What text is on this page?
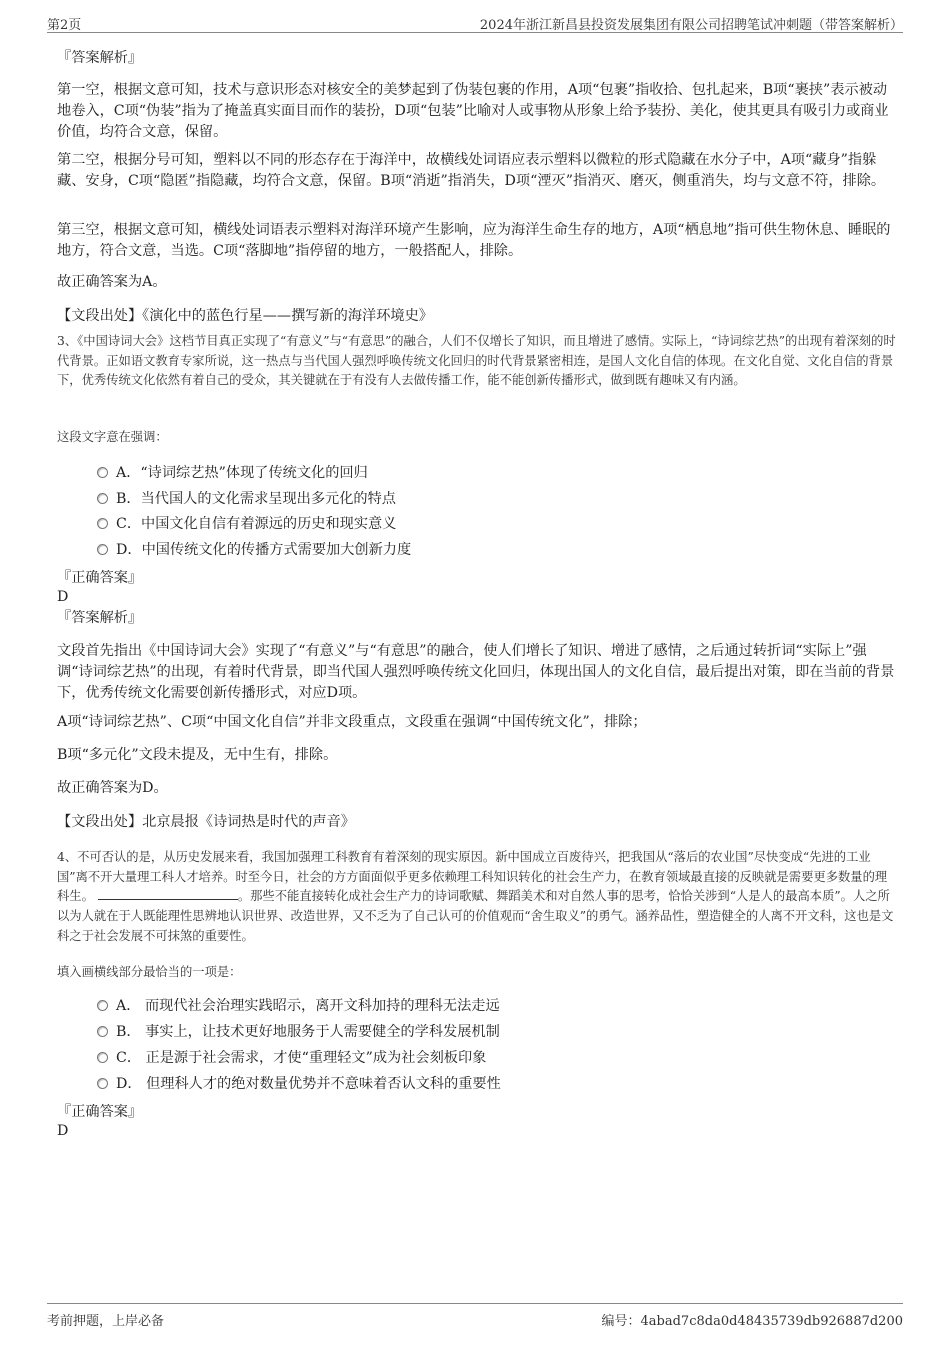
第2页	2024年浙江新昌县投资发展集团有限公司招聘笔试冲刺题（带答案解析）

『答案解析』

第一空，根据文意可知，技术与意识形态对核安全的美梦起到了伪装包裹的作用，A项“包裹”指收拾、包扎起来，B项“裹挟”表示被动地卷入，C项“伪装”指为了掩盖真实面目而作的装扮，D项“包装”比喻对人或事物从形象上给予装扮、美化，使其更具有吸引力或商业价值，均符合文意，保留。

第二空，根据分号可知，塑料以不同的形态存在于海洋中，故横线处词语应表示塑料以微粒的形式隐藏在水分子中，A项“藏身”指躲藏、安身，C项“隐匿”指隐藏，均符合文意，保留。B项“消逝”指消失，D项“湮灭”指消灭、磨灭，侧重消失，均与文意不符，排除。

第三空，根据文意可知，横线处词语表示塑料对海洋环境产生影响，应为海洋生命生存的地方，A项“栖息地”指可供生物休息、睡眠的地方，符合文意，当选。C项“落脚地”指停留的地方，一般搭配人，排除。

故正确答案为A。

【文段出处】《演化中的蓝色行星——撰写新的海洋环境史》

3、《中国诗词大会》这档节目真正实现了“有意义”与“有意思”的融合，人们不仅增长了知识，而且增进了感情。实际上，“诗词综艺热”的出现有着深刻的时代背景。正如语文教育专家所说，这一热点与当代国人强烈呼唤传统文化回归的时代背景紧密相连，是国人文化自信的体现。在文化自觉、文化自信的背景下，优秀传统文化依然有着自己的受众，其关键就在于有没有人去做传播工作，能不能创新传播形式，做到既有趣味又有内涵。

这段文字意在强调：

A．“诗词综艺热”体现了传统文化的回归
B．当代国人的文化需求呈现出多元化的特点
C．中国文化自信有着源远的历史和现实意义
D．中国传统文化的传播方式需要加大创新力度

『正确答案』

D

『答案解析』

文段首先指出《中国诗词大会》实现了“有意义”与“有意思”的融合，使人们增长了知识、增进了感情，之后通过转折词“实际上”强调“诗词综艺热”的出现，有着时代背景，即当代国人强烈呼唤传统文化回归，体现出国人的文化自信，最后提出对策，即在当前的背景下，优秀传统文化需要创新传播形式，对应D项。

A项“诗词综艺热”、C项“中国文化自信”并非文段重点，文段重在强调“中国传统文化”，排除；

B项“多元化”文段未提及，无中生有，排除。

故正确答案为D。

【文段出处】北京晨报《诗词热是时代的声音》

4、不可否认的是，从历史发展来看，我国加强理工科教育有着深刻的现实原因。新中国成立百废待兴，把我国从“落后的农业国”尽快变成“先进的工业国”离不开大量理工科人才培养。时至今日，社会的方方面面似乎更多依赖理工科知识转化的社会生产力，在教育领域最直接的反映就是需要更多数量的理科生。	。那些不能直接转化成社会生产力的诗词歌赋、舞蹈美术和对自然人事的思考，恰恰关涉到“人是人的最高本质”。人之所以为人就在于人既能理性思辨地认识世界、改造世界，又不乏为了自己认可的价值观而“舍生取义”的勇气。涵养品性，塑造健全的人离不开文科，这也是文科之于社会发展不可抹煞的重要性。

填入画横线部分最恰当的一项是：

A． 而现代社会治理实践昭示，离开文科加持的理科无法走远
B． 事实上，让技术更好地服务于人需要健全的学科发展机制
C． 正是源于社会需求，才使“重理轻文”成为社会刻板印象
D． 但理科人才的绝对数量优势并不意味着否认文科的重要性

『正确答案』

D

考前押题，上岸必备	编号：4abad7c8da0d48435739db926887d200
